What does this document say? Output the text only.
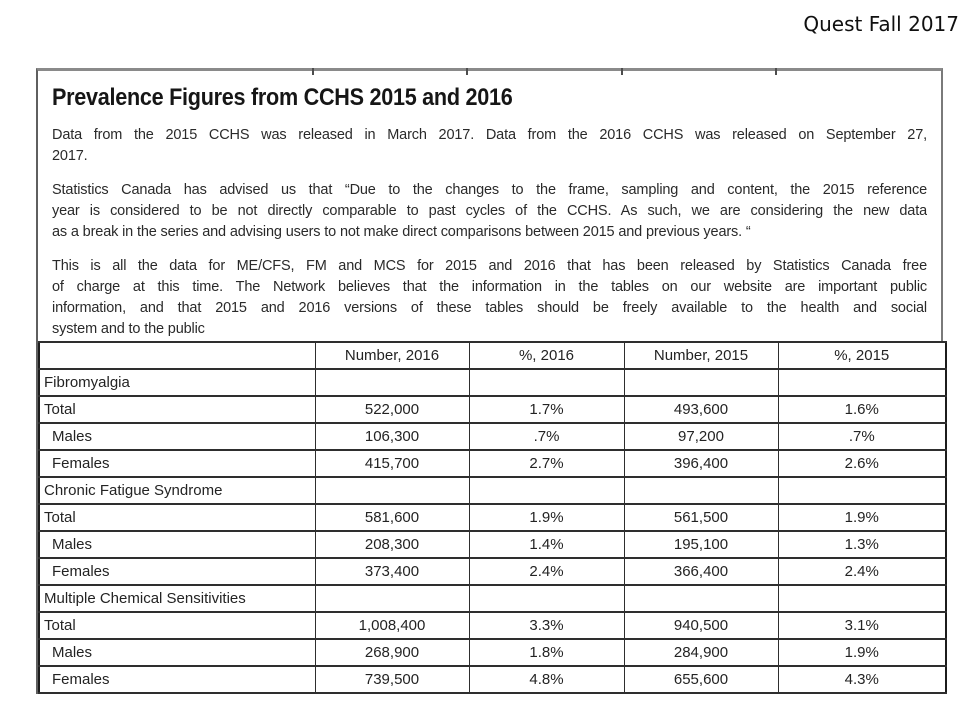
Quest Fall 2017
Prevalence Figures from CCHS 2015 and 2016
Data from the 2015 CCHS was released in March 2017. Data from the 2016 CCHS was released on September 27,
2017.
Statistics Canada has advised us that “Due to the changes to the frame, sampling and content, the 2015 reference
year is considered to be not directly comparable to past cycles of the CCHS. As such, we are considering the new data
as a break in the series and advising users to not make direct comparisons between 2015 and previous years. “
This is all the data for ME/CFS, FM and MCS for 2015 and 2016 that has been released by Statistics Canada free
of charge at this time. The Network believes that the information in the tables on our website are important public
information, and that 2015 and 2016 versions of these tables should be freely available to the health and social
system and to the public
	Number, 2016	%, 2016	Number, 2015	%, 2015
Fibromyalgia				
Total	522,000	1.7%	493,600	1.6%
Males	106,300	.7%	97,200	.7%
Females	415,700	2.7%	396,400	2.6%
Chronic Fatigue Syndrome				
Total	581,600	1.9%	561,500	1.9%
Males	208,300	1.4%	195,100	1.3%
Females	373,400	2.4%	366,400	2.4%
Multiple Chemical Sensitivities				
Total	1,008,400	3.3%	940,500	3.1%
Males	268,900	1.8%	284,900	1.9%
Females	739,500	4.8%	655,600	4.3%
